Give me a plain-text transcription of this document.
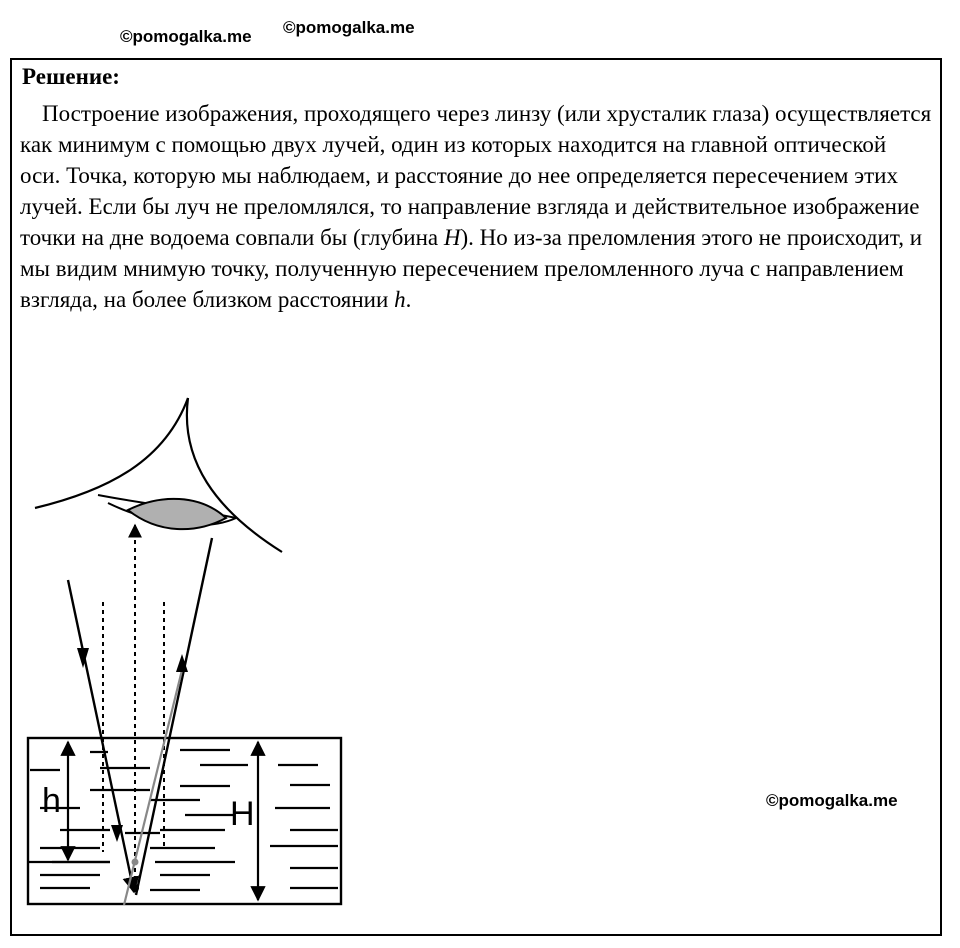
©pomogalka.me ©pomogalka.me
Решение:

Построение изображения, проходящего через линзу (или хрусталик глаза) осуществляется как минимум с помощью двух лучей, один из которых находится на главной оптической оси. Точка, которую мы наблюдаем, и расстояние до нее определяется пересечением этих лучей. Если бы луч не преломлялся, то направление взгляда и действительное изображение точки на дне водоема совпали бы (глубина H). Но из-за преломления этого не происходит, и мы видим мнимую точку, полученную пересечением преломленного луча с направлением взгляда, на более близком расстоянии h.

©pomogalka.me
h	H
